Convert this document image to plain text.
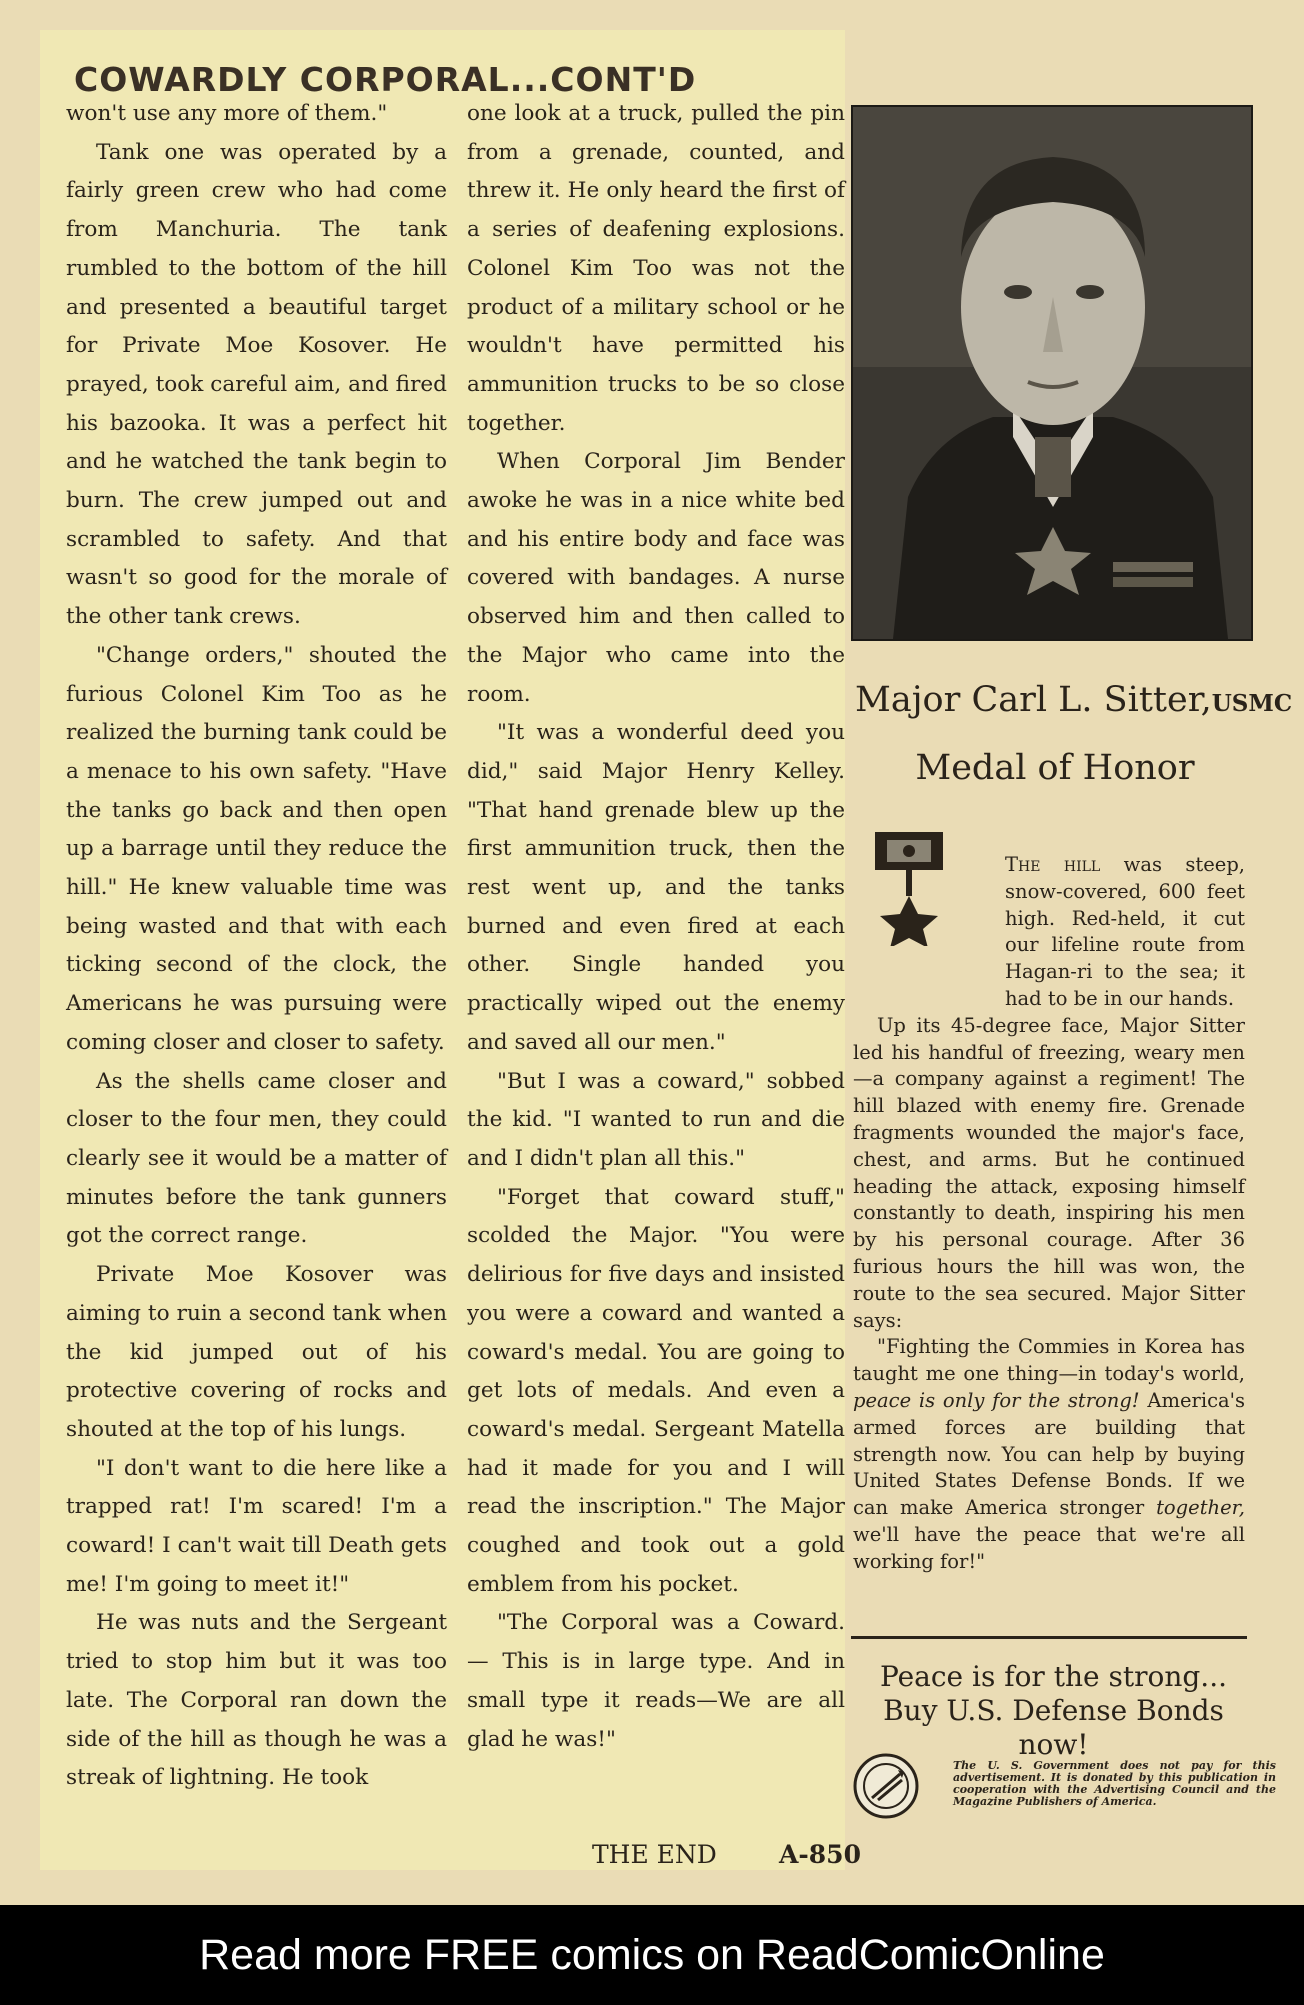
COWARDLY CORPORAL...CONT'D

won't use any more of them."

Tank one was operated by a fairly green crew who had come from Manchuria. The tank rumbled to the bottom of the hill and presented a beautiful target for Private Moe Kosover. He prayed, took careful aim, and fired his bazooka. It was a perfect hit and he watched the tank begin to burn. The crew jumped out and scrambled to safety. And that wasn't so good for the morale of the other tank crews.

"Change orders," shouted the furious Colonel Kim Too as he realized the burning tank could be a menace to his own safety. "Have the tanks go back and then open up a barrage until they reduce the hill." He knew valuable time was being wasted and that with each ticking second of the clock, the Americans he was pursuing were coming closer and closer to safety.

As the shells came closer and closer to the four men, they could clearly see it would be a matter of minutes before the tank gunners got the correct range.

Private Moe Kosover was aiming to ruin a second tank when the kid jumped out of his protective covering of rocks and shouted at the top of his lungs.

"I don't want to die here like a trapped rat! I'm scared! I'm a coward! I can't wait till Death gets me! I'm going to meet it!"

He was nuts and the Sergeant tried to stop him but it was too late. The Corporal ran down the side of the hill as though he was a streak of lightning. He took

one look at a truck, pulled the pin from a grenade, counted, and threw it. He only heard the first of a series of deafening explosions. Colonel Kim Too was not the product of a military school or he wouldn't have permitted his ammunition trucks to be so close together.

When Corporal Jim Bender awoke he was in a nice white bed and his entire body and face was covered with bandages. A nurse observed him and then called to the Major who came into the room.

"It was a wonderful deed you did," said Major Henry Kelley. "That hand grenade blew up the first ammunition truck, then the rest went up, and the tanks burned and even fired at each other. Single handed you practically wiped out the enemy and saved all our men."

"But I was a coward," sobbed the kid. "I wanted to run and die and I didn't plan all this."

"Forget that coward stuff," scolded the Major. "You were delirious for five days and insisted you were a coward and wanted a coward's medal. You are going to get lots of medals. And even a coward's medal. Sergeant Matella had it made for you and I will read the inscription." The Major coughed and took out a gold emblem from his pocket.

"The Corporal was a Coward. — This is in large type. And in small type it reads—We are all glad he was!"

Major Carl L. Sitter,USMC
Medal of Honor

The hill was steep, snow-covered, 600 feet high. Red-held, it cut our lifeline route from Hagan-ri to the sea; it had to be in our hands.

Up its 45-degree face, Major Sitter led his handful of freezing, weary men—a company against a regiment! The hill blazed with enemy fire. Grenade fragments wounded the major's face, chest, and arms. But he continued heading the attack, exposing himself constantly to death, inspiring his men by his personal courage. After 36 furious hours the hill was won, the route to the sea secured. Major Sitter says:

"Fighting the Commies in Korea has taught me one thing—in today's world, peace is only for the strong! America's armed forces are building that strength now. You can help by buying United States Defense Bonds. If we can make America stronger together, we'll have the peace that we're all working for!"

Peace is for the strong...
Buy U.S. Defense Bonds now!
The U. S. Government does not pay for this advertisement. It is donated by this publication in cooperation with the Advertising Council and the Magazine Publishers of America.
THE END A-850
Read more FREE comics on ReadComicOnline
